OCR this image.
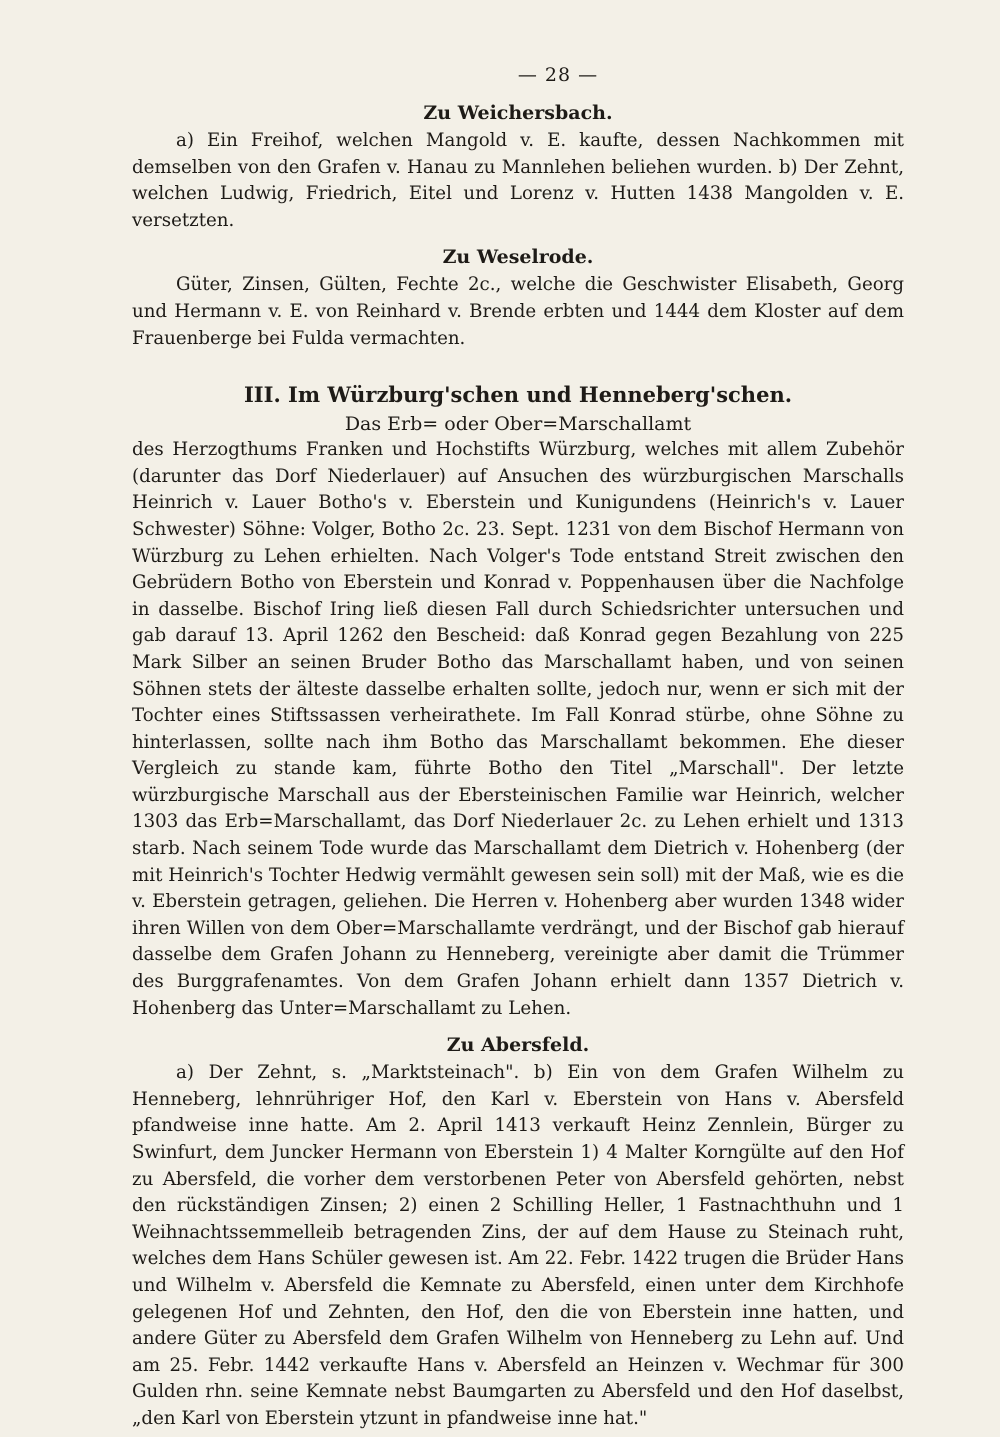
— 28 —
Zu Weichersbach.

a) Ein Freihof, welchen Mangold v. E. kaufte, dessen Nachkommen mit demselben von den Grafen v. Hanau zu Mannlehen beliehen wurden. b) Der Zehnt, welchen Ludwig, Friedrich, Eitel und Lorenz v. Hutten 1438 Mangolden v. E. versetzten.

Zu Weselrode.

Güter, Zinsen, Gülten, Fechte 2c., welche die Geschwister Elisabeth, Georg und Hermann v. E. von Reinhard v. Brende erbten und 1444 dem Kloster auf dem Frauenberge bei Fulda vermachten.

III. Im Würzburg'schen und Henneberg'schen.
Das Erb= oder Ober=Marschallamt

des Herzogthums Franken und Hochstifts Würzburg, welches mit allem Zubehör (darunter das Dorf Niederlauer) auf Ansuchen des würzburgischen Marschalls Heinrich v. Lauer Botho's v. Eberstein und Kunigundens (Heinrich's v. Lauer Schwester) Söhne: Volger, Botho 2c. 23. Sept. 1231 von dem Bischof Hermann von Würzburg zu Lehen erhielten. Nach Volger's Tode entstand Streit zwischen den Gebrüdern Botho von Eberstein und Konrad v. Poppenhausen über die Nachfolge in dasselbe. Bischof Iring ließ diesen Fall durch Schiedsrichter untersuchen und gab darauf 13. April 1262 den Bescheid: daß Konrad gegen Bezahlung von 225 Mark Silber an seinen Bruder Botho das Marschallamt haben, und von seinen Söhnen stets der älteste dasselbe erhalten sollte, jedoch nur, wenn er sich mit der Tochter eines Stiftssassen verheirathete. Im Fall Konrad stürbe, ohne Söhne zu hinterlassen, sollte nach ihm Botho das Marschallamt bekommen. Ehe dieser Vergleich zu stande kam, führte Botho den Titel „Marschall". Der letzte würzburgische Marschall aus der Ebersteinischen Familie war Heinrich, welcher 1303 das Erb=Marschallamt, das Dorf Niederlauer 2c. zu Lehen erhielt und 1313 starb. Nach seinem Tode wurde das Marschallamt dem Dietrich v. Hohenberg (der mit Heinrich's Tochter Hedwig vermählt gewesen sein soll) mit der Maß, wie es die v. Eberstein getragen, geliehen. Die Herren v. Hohenberg aber wurden 1348 wider ihren Willen von dem Ober=Marschallamte verdrängt, und der Bischof gab hierauf dasselbe dem Grafen Johann zu Henneberg, vereinigte aber damit die Trümmer des Burggrafenamtes. Von dem Grafen Johann erhielt dann 1357 Dietrich v. Hohenberg das Unter=Marschallamt zu Lehen.

Zu Abersfeld.

a) Der Zehnt, s. „Marktsteinach". b) Ein von dem Grafen Wilhelm zu Henneberg, lehnrühriger Hof, den Karl v. Eberstein von Hans v. Abersfeld pfandweise inne hatte. Am 2. April 1413 verkauft Heinz Zennlein, Bürger zu Swinfurt, dem Juncker Hermann von Eberstein 1) 4 Malter Korngülte auf den Hof zu Abersfeld, die vorher dem verstorbenen Peter von Abersfeld gehörten, nebst den rückständigen Zinsen; 2) einen 2 Schilling Heller, 1 Fastnachthuhn und 1 Weihnachtssemmelleib betragenden Zins, der auf dem Hause zu Steinach ruht, welches dem Hans Schüler gewesen ist. Am 22. Febr. 1422 trugen die Brüder Hans und Wilhelm v. Abersfeld die Kemnate zu Abersfeld, einen unter dem Kirchhofe gelegenen Hof und Zehnten, den Hof, den die von Eberstein inne hatten, und andere Güter zu Abersfeld dem Grafen Wilhelm von Henneberg zu Lehn auf. Und am 25. Febr. 1442 verkaufte Hans v. Abersfeld an Heinzen v. Wechmar für 300 Gulden rhn. seine Kemnate nebst Baumgarten zu Abersfeld und den Hof daselbst, „den Karl von Eberstein ytzunt in pfandweise inne hat."
